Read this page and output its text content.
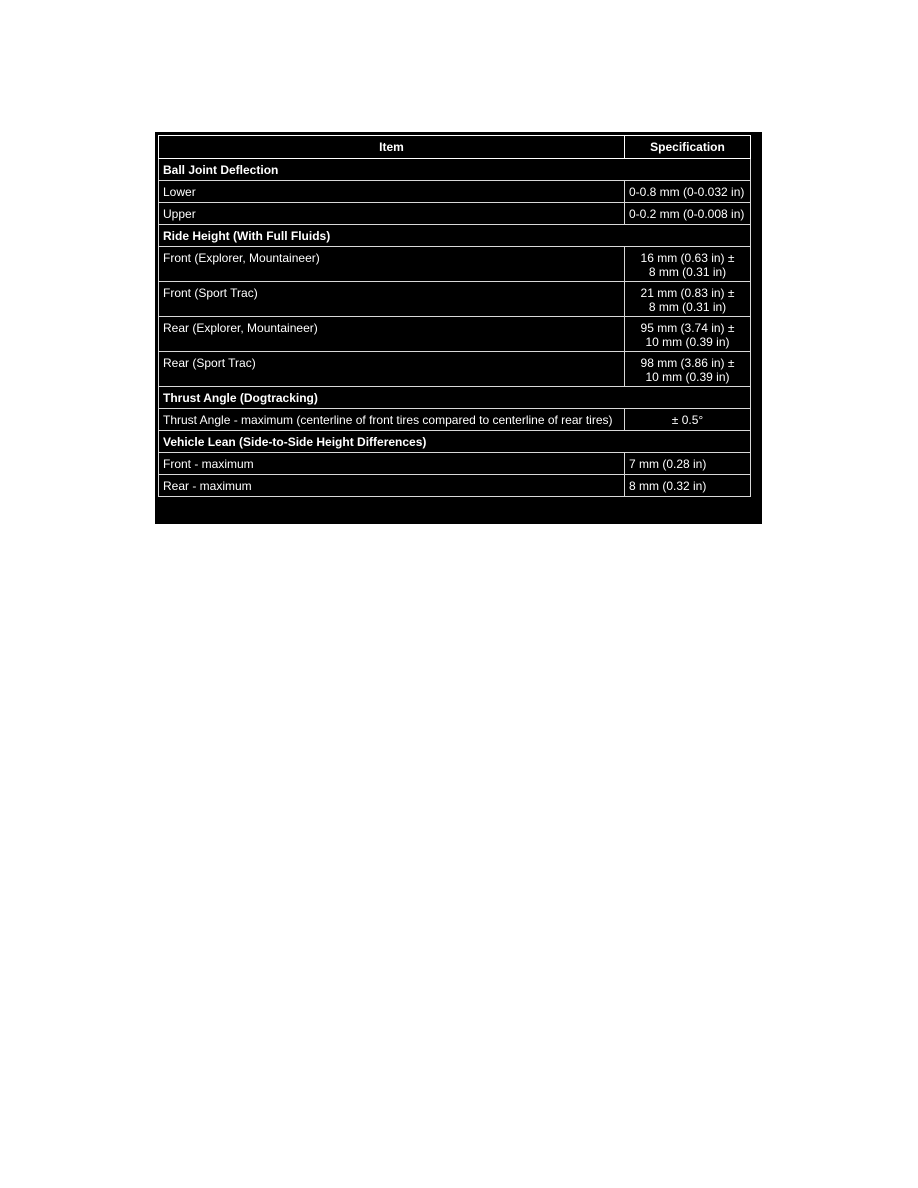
Item	Specification
Ball Joint Deflection	
Lower	0-0.8 mm (0-0.032 in)

Upper	0-0.2 mm (0-0.008 in)

Ride Height (With Full Fluids)	
Front (Explorer, Mountaineer)	16 mm (0.63 in) ±
8 mm (0.31 in)

Front (Sport Trac)	21 mm (0.83 in) ±
8 mm (0.31 in)

Rear (Explorer, Mountaineer)	95 mm (3.74 in) ±
10 mm (0.39 in)

Rear (Sport Trac)	98 mm (3.86 in) ±
10 mm (0.39 in)

Thrust Angle (Dogtracking)	
Thrust Angle - maximum (centerline of front tires compared to centerline of rear tires)	± 0.5°

Vehicle Lean (Side-to-Side Height Differences)	
Front - maximum	7 mm (0.28 in)

Rear - maximum	8 mm (0.32 in)
